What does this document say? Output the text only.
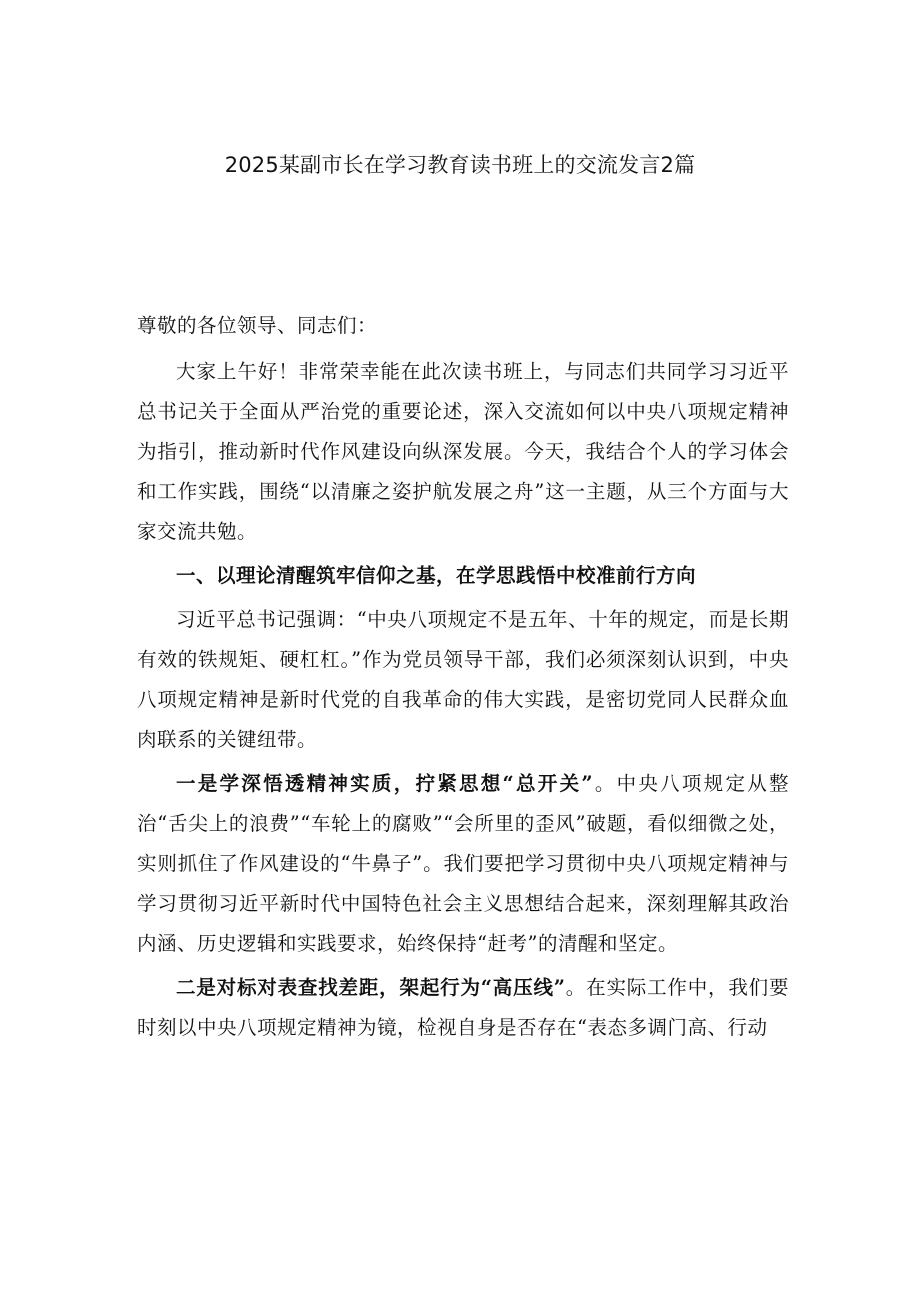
2025某副市长在学习教育读书班上的交流发言2篇

尊敬的各位领导、同志们：

大家上午好！非常荣幸能在此次读书班上，与同志们共同学习习近平总书记关于全面从严治党的重要论述，深入交流如何以中央八项规定精神为指引，推动新时代作风建设向纵深发展。今天，我结合个人的学习体会和工作实践，围绕“以清廉之姿护航发展之舟”这一主题，从三个方面与大家交流共勉。

一、以理论清醒筑牢信仰之基，在学思践悟中校准前行方向

习近平总书记强调：“中央八项规定不是五年、十年的规定，而是长期有效的铁规矩、硬杠杠。”作为党员领导干部，我们必须深刻认识到，中央八项规定精神是新时代党的自我革命的伟大实践，是密切党同人民群众血肉联系的关键纽带。

一是学深悟透精神实质，拧紧思想“总开关”。中央八项规定从整治“舌尖上的浪费”“车轮上的腐败”“会所里的歪风”破题，看似细微之处，实则抓住了作风建设的“牛鼻子”。我们要把学习贯彻中央八项规定精神与学习贯彻习近平新时代中国特色社会主义思想结合起来，深刻理解其政治内涵、历史逻辑和实践要求，始终保持“赶考”的清醒和坚定。

二是对标对表查找差距，架起行为“高压线”。在实际工作中，我们要时刻以中央八项规定精神为镜，检视自身是否存在“表态多调门高、行动
